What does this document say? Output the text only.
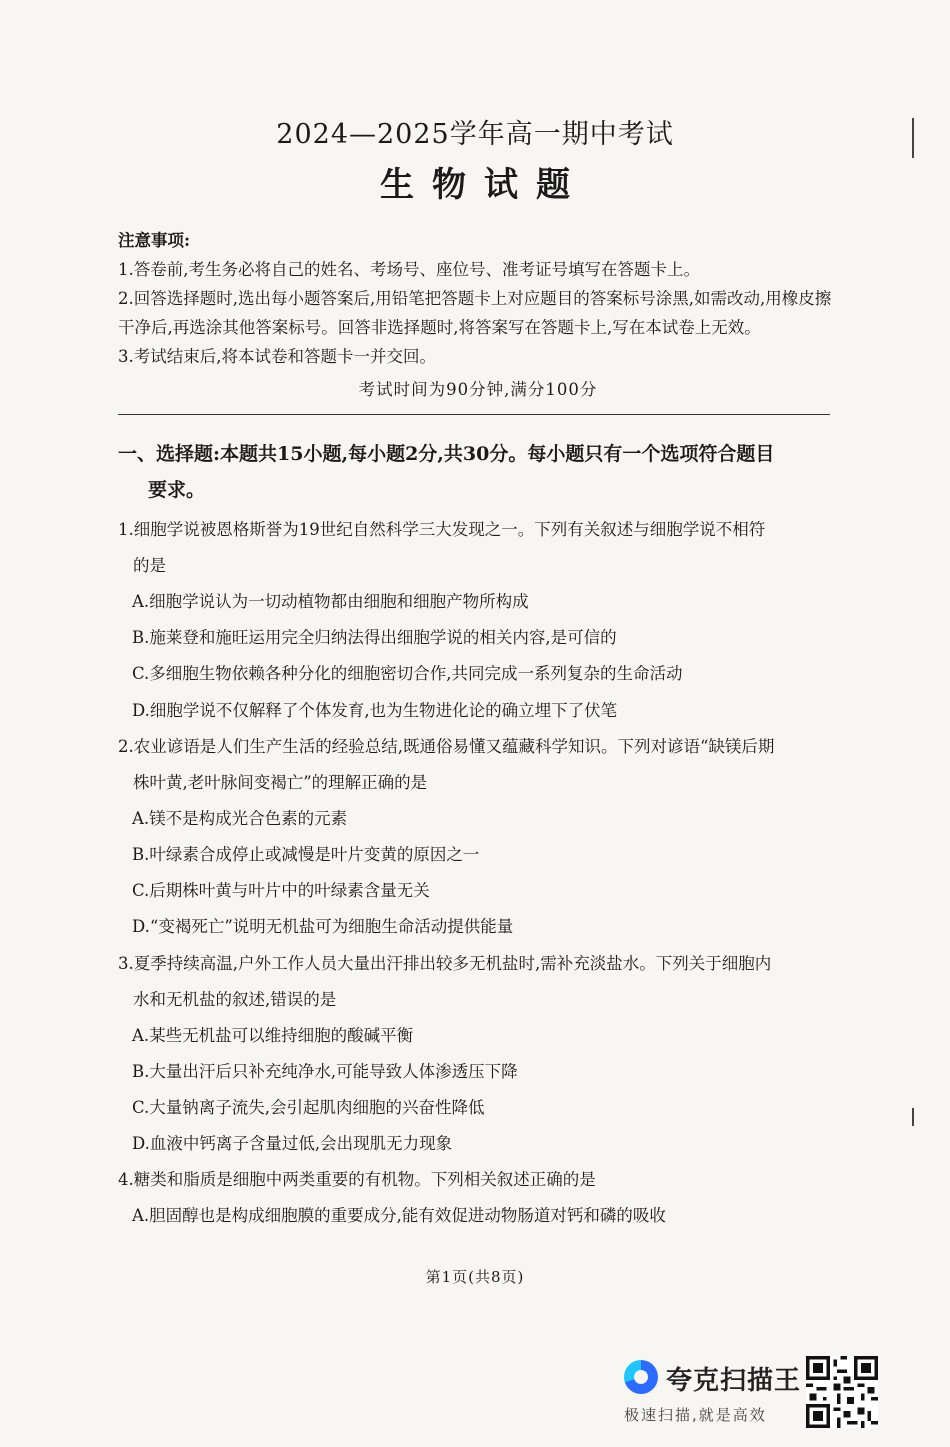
2024—2025学年高一期中考试
生物试题
注意事项:

1.答卷前,考生务必将自己的姓名、考场号、座位号、准考证号填写在答题卡上。

2.回答选择题时,选出每小题答案后,用铅笔把答题卡上对应题目的答案标号涂黑,如需改动,用橡皮擦干净后,再选涂其他答案标号。回答非选择题时,将答案写在答题卡上,写在本试卷上无效。

3.考试结束后,将本试卷和答题卡一并交回。

考试时间为90分钟,满分100分
一、选择题:本题共15小题,每小题2分,共30分。每小题只有一个选项符合题目
要求。

1.细胞学说被恩格斯誉为19世纪自然科学三大发现之一。下列有关叙述与细胞学说不相符
的是

A.细胞学说认为一切动植物都由细胞和细胞产物所构成

B.施莱登和施旺运用完全归纳法得出细胞学说的相关内容,是可信的

C.多细胞生物依赖各种分化的细胞密切合作,共同完成一系列复杂的生命活动

D.细胞学说不仅解释了个体发育,也为生物进化论的确立埋下了伏笔

2.农业谚语是人们生产生活的经验总结,既通俗易懂又蕴藏科学知识。下列对谚语“缺镁后期
株叶黄,老叶脉间变褐亡”的理解正确的是

A.镁不是构成光合色素的元素

B.叶绿素合成停止或减慢是叶片变黄的原因之一

C.后期株叶黄与叶片中的叶绿素含量无关

D.“变褐死亡”说明无机盐可为细胞生命活动提供能量

3.夏季持续高温,户外工作人员大量出汗排出较多无机盐时,需补充淡盐水。下列关于细胞内
水和无机盐的叙述,错误的是

A.某些无机盐可以维持细胞的酸碱平衡

B.大量出汗后只补充纯净水,可能导致人体渗透压下降

C.大量钠离子流失,会引起肌肉细胞的兴奋性降低

D.血液中钙离子含量过低,会出现肌无力现象

4.糖类和脂质是细胞中两类重要的有机物。下列相关叙述正确的是

A.胆固醇也是构成细胞膜的重要成分,能有效促进动物肠道对钙和磷的吸收

第1页(共8页)
夸克扫描王
极速扫描,就是高效
